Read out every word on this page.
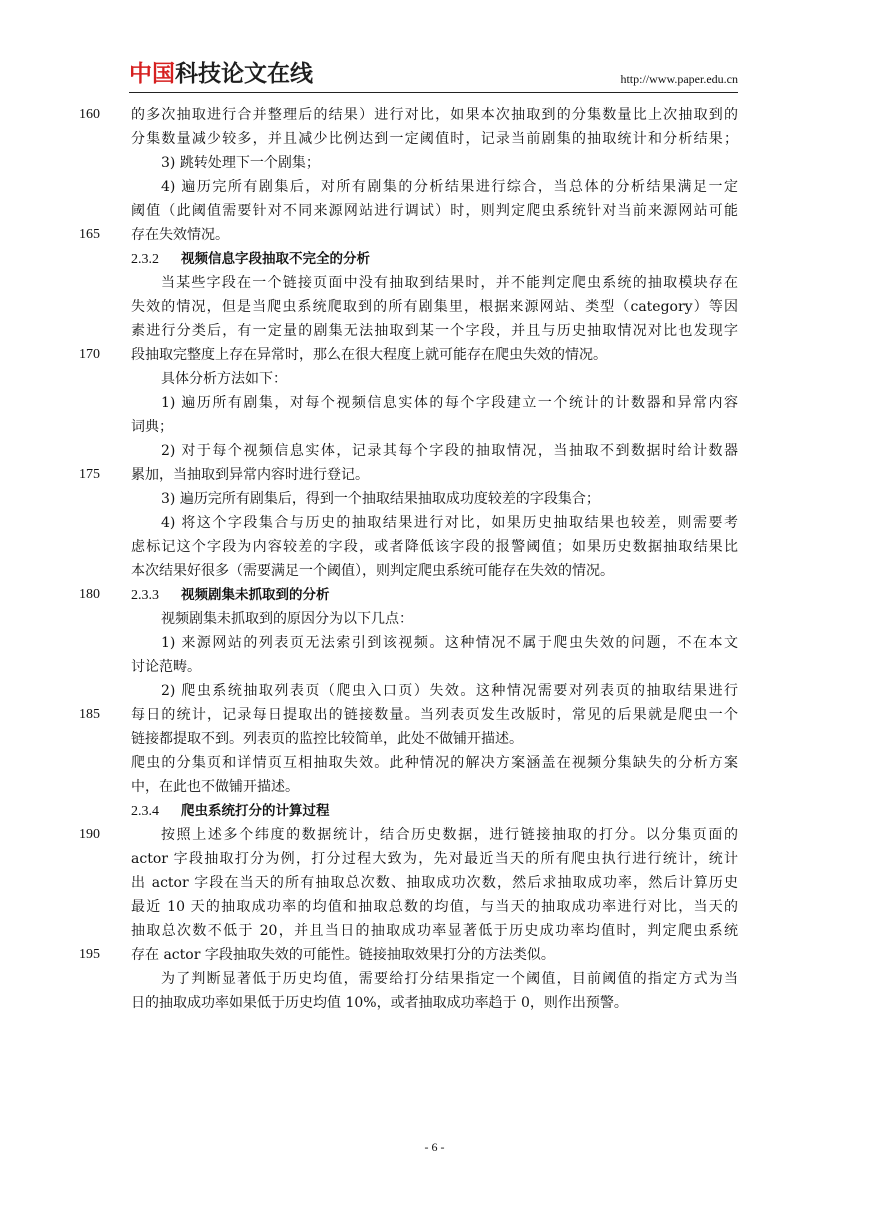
中国科技论文在线	http://www.paper.edu.cn
160 的多次抽取进行合并整理后的结果）进行对比，如果本次抽取到的分集数量比上次抽取到的
分集数量减少较多，并且减少比例达到一定阈值时，记录当前剧集的抽取统计和分析结果；
3) 跳转处理下一个剧集；
4) 遍历完所有剧集后，对所有剧集的分析结果进行综合，当总体的分析结果满足一定
阈值（此阈值需要针对不同来源网站进行调试）时，则判定爬虫系统针对当前来源网站可能
165 存在失效情况。
2.3.2 视频信息字段抽取不完全的分析
当某些字段在一个链接页面中没有抽取到结果时，并不能判定爬虫系统的抽取模块存在
失效的情况，但是当爬虫系统爬取到的所有剧集里，根据来源网站、类型（category）等因
素进行分类后，有一定量的剧集无法抽取到某一个字段，并且与历史抽取情况对比也发现字
170 段抽取完整度上存在异常时，那么在很大程度上就可能存在爬虫失效的情况。
具体分析方法如下：
1) 遍历所有剧集，对每个视频信息实体的每个字段建立一个统计的计数器和异常内容
词典；
2) 对于每个视频信息实体，记录其每个字段的抽取情况，当抽取不到数据时给计数器
175 累加，当抽取到异常内容时进行登记。
3) 遍历完所有剧集后，得到一个抽取结果抽取成功度较差的字段集合；
4) 将这个字段集合与历史的抽取结果进行对比，如果历史抽取结果也较差，则需要考
虑标记这个字段为内容较差的字段，或者降低该字段的报警阈值；如果历史数据抽取结果比
本次结果好很多（需要满足一个阈值），则判定爬虫系统可能存在失效的情况。
180 2.3.3 视频剧集未抓取到的分析
视频剧集未抓取到的原因分为以下几点：
1) 来源网站的列表页无法索引到该视频。这种情况不属于爬虫失效的问题，不在本文
讨论范畴。
2) 爬虫系统抽取列表页（爬虫入口页）失效。这种情况需要对列表页的抽取结果进行
185 每日的统计，记录每日提取出的链接数量。当列表页发生改版时，常见的后果就是爬虫一个
链接都提取不到。列表页的监控比较简单，此处不做铺开描述。
爬虫的分集页和详情页互相抽取失效。此种情况的解决方案涵盖在视频分集缺失的分析方案
中，在此也不做铺开描述。
2.3.4 爬虫系统打分的计算过程
190	按照上述多个纬度的数据统计，结合历史数据，进行链接抽取的打分。以分集页面的
actor 字段抽取打分为例，打分过程大致为，先对最近当天的所有爬虫执行进行统计，统计
出 actor 字段在当天的所有抽取总次数、抽取成功次数，然后求抽取成功率，然后计算历史
最近 10 天的抽取成功率的均值和抽取总数的均值，与当天的抽取成功率进行对比，当天的
抽取总次数不低于 20，并且当日的抽取成功率显著低于历史成功率均值时，判定爬虫系统
195 存在 actor 字段抽取失效的可能性。链接抽取效果打分的方法类似。
为了判断显著低于历史均值，需要给打分结果指定一个阈值，目前阈值的指定方式为当
日的抽取成功率如果低于历史均值 10%，或者抽取成功率趋于 0，则作出预警。
- 6 -
